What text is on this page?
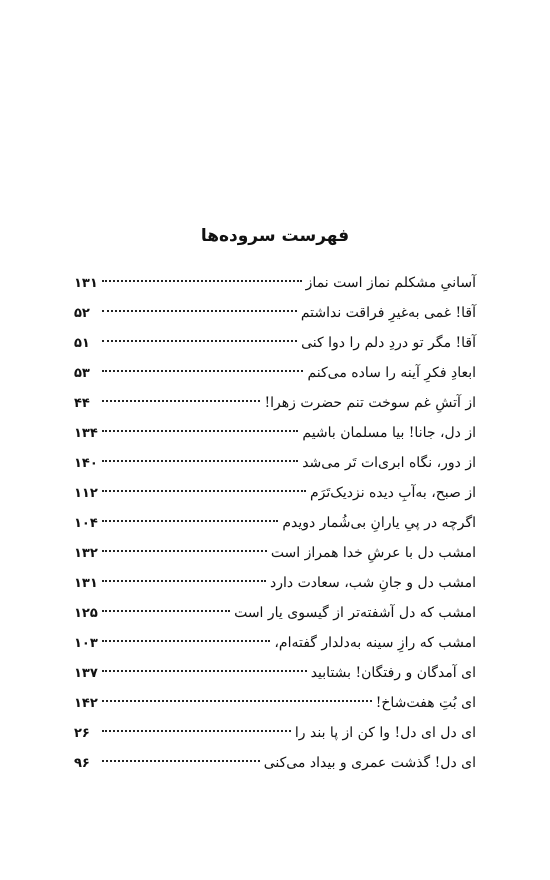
فهرست سروده‌ها
آسانیِ مشکلم نماز است نماز
۱۳۱
آقا! غمی به‌غیرِ فراقت نداشتم
۵۲
آقا! مگر تو دردِ دلم را دوا کنی
۵۱
ابعادِ فکرِ آینه را ساده می‌کنم
۵۳
از آتشِ غم سوخت تنم حضرت زهرا!
۴۴
از دل، جانا! بیا مسلمان باشیم
۱۳۴
از دور، نگاه ابری‌ات تَر می‌شد
۱۴۰
از صبح، به‌آبِ دیده نزدیک‌تَرَم
۱۱۲
اگرچه در پیِ یارانِ بی‌شُمار دویدم
۱۰۴
امشب دل با عرشِ خدا همراز است
۱۳۲
امشب دل و جانِ شب، سعادت دارد
۱۳۱
امشب که دل آشفته‌تر از گیسوی یار است
۱۲۵
امشب که رازِ سینه به‌دلدار گفته‌ام،
۱۰۳
ای آمدگان و رفتگان! بشتابید
۱۳۷
ای بُتِ هفت‌شاخ!
۱۴۲
ای دل ای دل! وا کن از پا بند را
۲۶
ای دل! گذشت عمری و بیداد می‌کنی
۹۶
